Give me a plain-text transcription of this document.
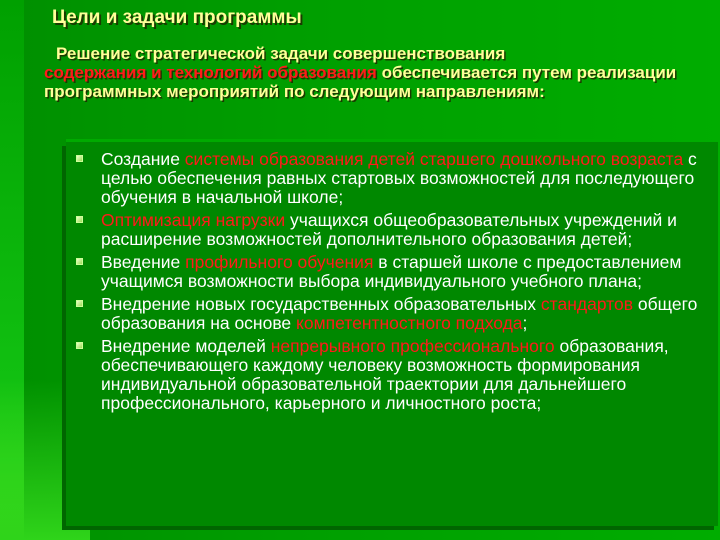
Цели и задачи программы
Решение стратегической задачи совершенствования
содержания и технологий образования обеспечивается путем реализации программных мероприятий по следующим направлениям:
Создание системы образования детей старшего дошкольного возраста с целью обеспечения равных стартовых возможностей для последующего обучения в начальной школе;
Оптимизация нагрузки учащихся общеобразовательных учреждений и расширение возможностей дополнительного образования детей;
Введение профильного обучения в старшей школе с предоставлением учащимся возможности выбора индивидуального учебного плана;
Внедрение новых государственных образовательных стандартов общего образования на основе компетентностного подхода;
Внедрение моделей непрерывного профессионального образования, обеспечивающего каждому человеку возможность формирования индивидуальной образовательной траектории для дальнейшего профессионального, карьерного и личностного роста;
